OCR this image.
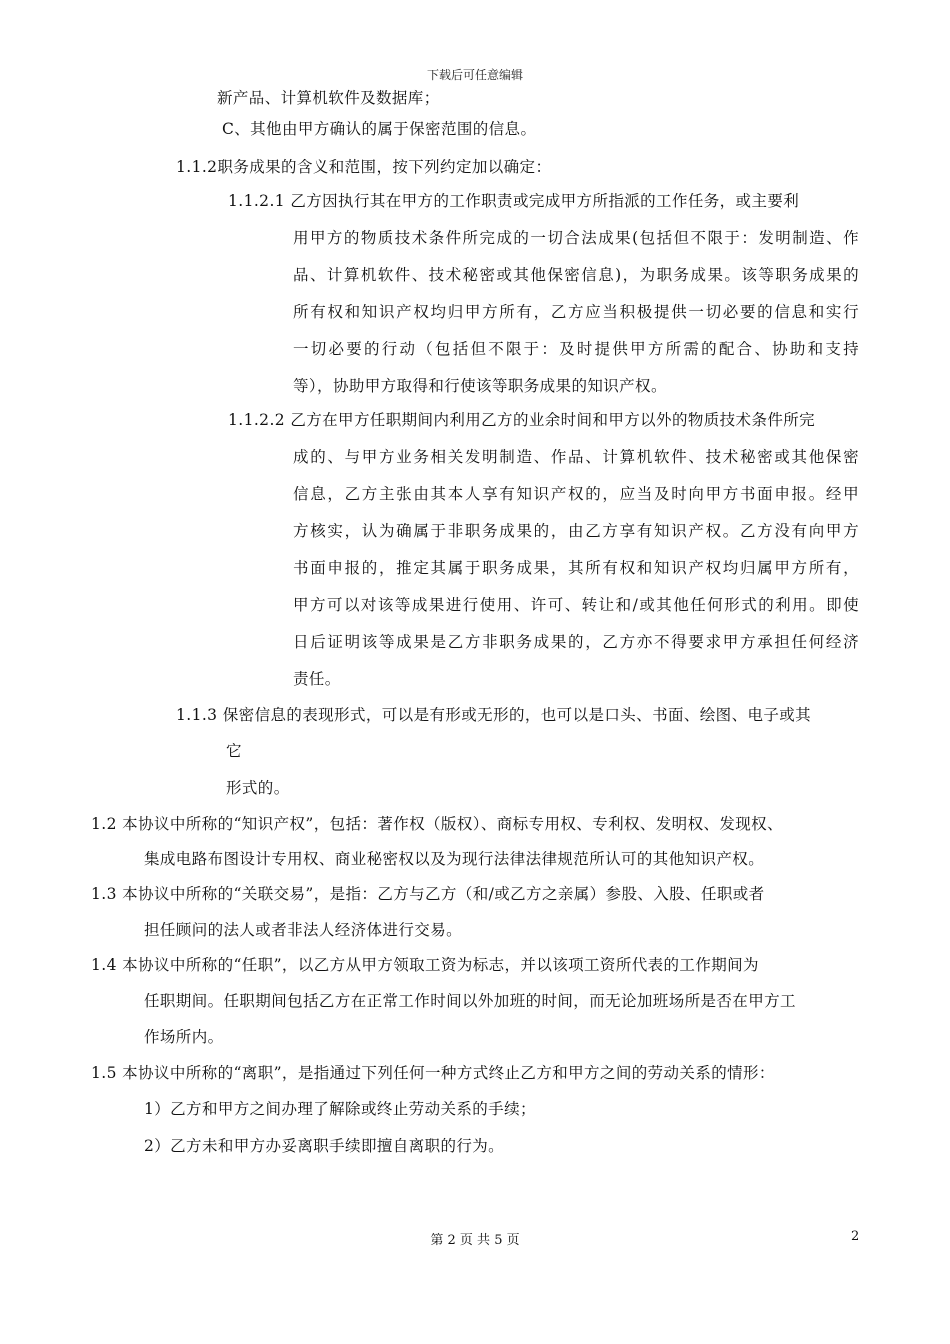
下载后可任意编辑
新产品、计算机软件及数据库；
C、其他由甲方确认的属于保密范围的信息。
1.1.2职务成果的含义和范围，按下列约定加以确定：
1.1.2.1 乙方因执行其在甲方的工作职责或完成甲方所指派的工作任务，或主要利
用甲方的物质技术条件所完成的一切合法成果(包括但不限于：发明制造、作
品、计算机软件、技术秘密或其他保密信息)，为职务成果。该等职务成果的
所有权和知识产权均归甲方所有，乙方应当积极提供一切必要的信息和实行
一切必要的行动（包括但不限于：及时提供甲方所需的配合、协助和支持
等），协助甲方取得和行使该等职务成果的知识产权。
1.1.2.2 乙方在甲方任职期间内利用乙方的业余时间和甲方以外的物质技术条件所完
成的、与甲方业务相关发明制造、作品、计算机软件、技术秘密或其他保密
信息，乙方主张由其本人享有知识产权的，应当及时向甲方书面申报。经甲
方核实，认为确属于非职务成果的，由乙方享有知识产权。乙方没有向甲方
书面申报的，推定其属于职务成果，其所有权和知识产权均归属甲方所有，
甲方可以对该等成果进行使用、许可、转让和/或其他任何形式的利用。即使
日后证明该等成果是乙方非职务成果的，乙方亦不得要求甲方承担任何经济
责任。
1.1.3 保密信息的表现形式，可以是有形或无形的，也可以是口头、书面、绘图、电子或其
它
形式的。
1.2 本协议中所称的“知识产权”，包括：著作权（版权）、商标专用权、专利权、发明权、发现权、
集成电路布图设计专用权、商业秘密权以及为现行法律法律规范所认可的其他知识产权。
1.3 本协议中所称的“关联交易”，是指：乙方与乙方（和/或乙方之亲属）参股、入股、任职或者
担任顾问的法人或者非法人经济体进行交易。
1.4 本协议中所称的“任职”，以乙方从甲方领取工资为标志，并以该项工资所代表的工作期间为
任职期间。任职期间包括乙方在正常工作时间以外加班的时间，而无论加班场所是否在甲方工
作场所内。
1.5 本协议中所称的“离职”，是指通过下列任何一种方式终止乙方和甲方之间的劳动关系的情形：
1）乙方和甲方之间办理了解除或终止劳动关系的手续；
2）乙方未和甲方办妥离职手续即擅自离职的行为。
第 2 页 共 5 页	2
